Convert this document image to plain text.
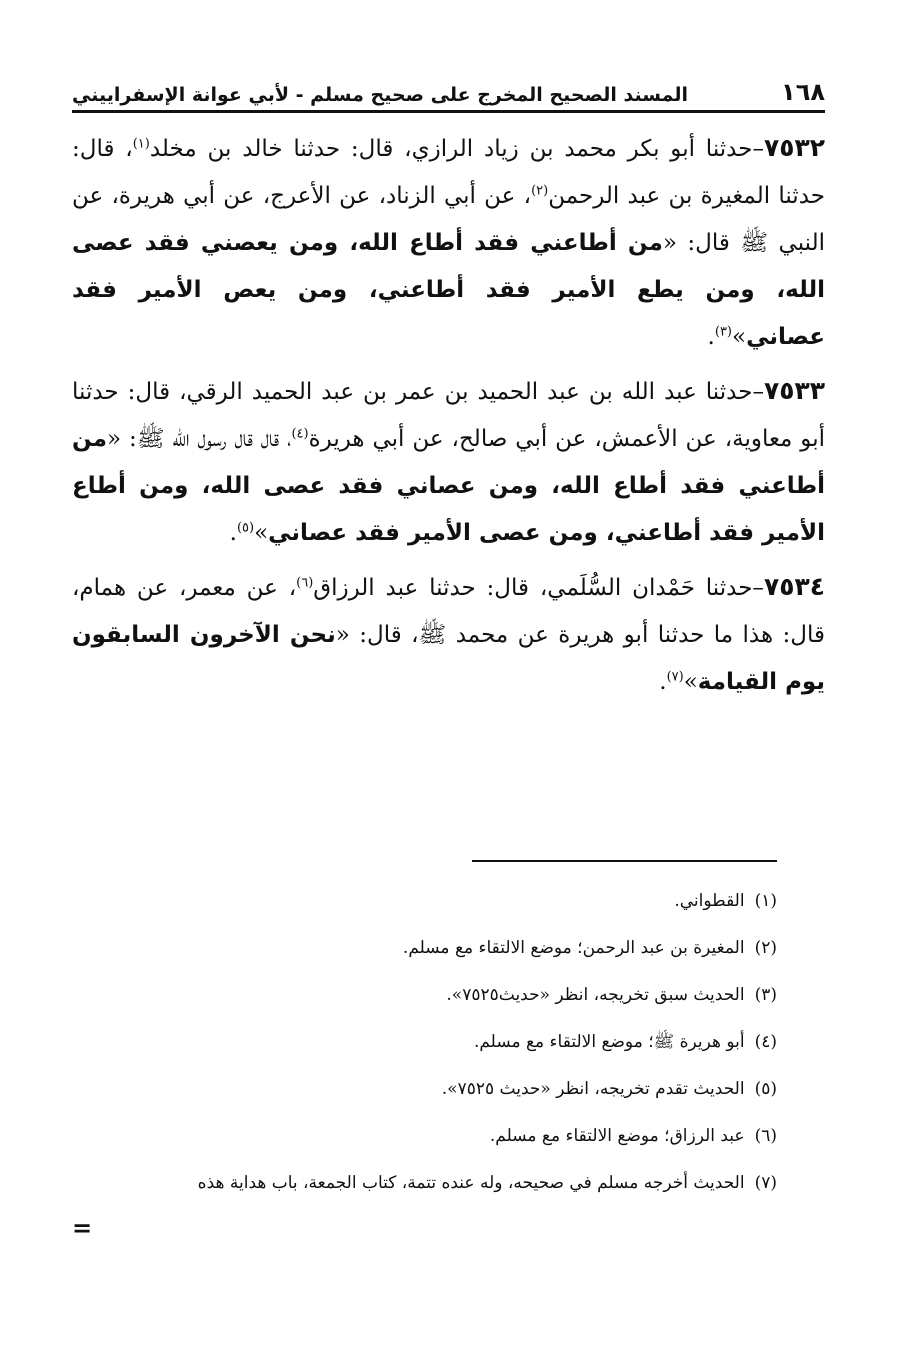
١٦٨
المسند الصحيح المخرج على صحيح مسلم - لأبي عوانة الإسفراييني

٧٥٣٢–حدثنا أبو بكر محمد بن زياد الرازي، قال: حدثنا خالد بن مخلد$^{(١)}$، قال: حدثنا المغيرة بن عبد الرحمن$^{(٢)}$، عن أبي الزناد، عن الأعرج، عن أبي هريرة، عن النبي ﷺ قال: «من أطاعني فقد أطاع الله، ومن يعصني فقد عصى الله، ومن يطع الأمير فقد أطاعني، ومن يعص الأمير فقد عصاني»$^{(٣)}$.

٧٥٣٣–حدثنا عبد الله بن عبد الحميد بن عمر بن عبد الحميد الرقي، قال: حدثنا أبو معاوية، عن الأعمش، عن أبي صالح، عن أبي هريرة$^{(٤)}$، قال قال رسول الله ﷺ: «من أطاعني فقد أطاع الله، ومن عصاني فقد عصى الله، ومن أطاع الأمير فقد أطاعني، ومن عصى الأمير فقد عصاني»$^{(٥)}$.

٧٥٣٤–حدثنا حَمْدان السُّلَمي، قال: حدثنا عبد الرزاق$^{(٦)}$، عن معمر، عن همام، قال: هذا ما حدثنا أبو هريرة عن محمد ﷺ، قال: «نحن الآخرون السابقون يوم القيامة»$^{(٧)}$.

(١)القطواني.
(٢)المغيرة بن عبد الرحمن؛ موضع الالتقاء مع مسلم.
(٣)الحديث سبق تخريجه، انظر «حديث٧٥٢٥».
(٤)أبو هريرة ﷺ؛ موضع الالتقاء مع مسلم.
(٥)الحديث تقدم تخريجه، انظر «حديث ٧٥٢٥».
(٦)عبد الرزاق؛ موضع الالتقاء مع مسلم.
(٧)الحديث أخرجه مسلم في صحيحه، وله عنده تتمة، كتاب الجمعة، باب هداية هذه
=
